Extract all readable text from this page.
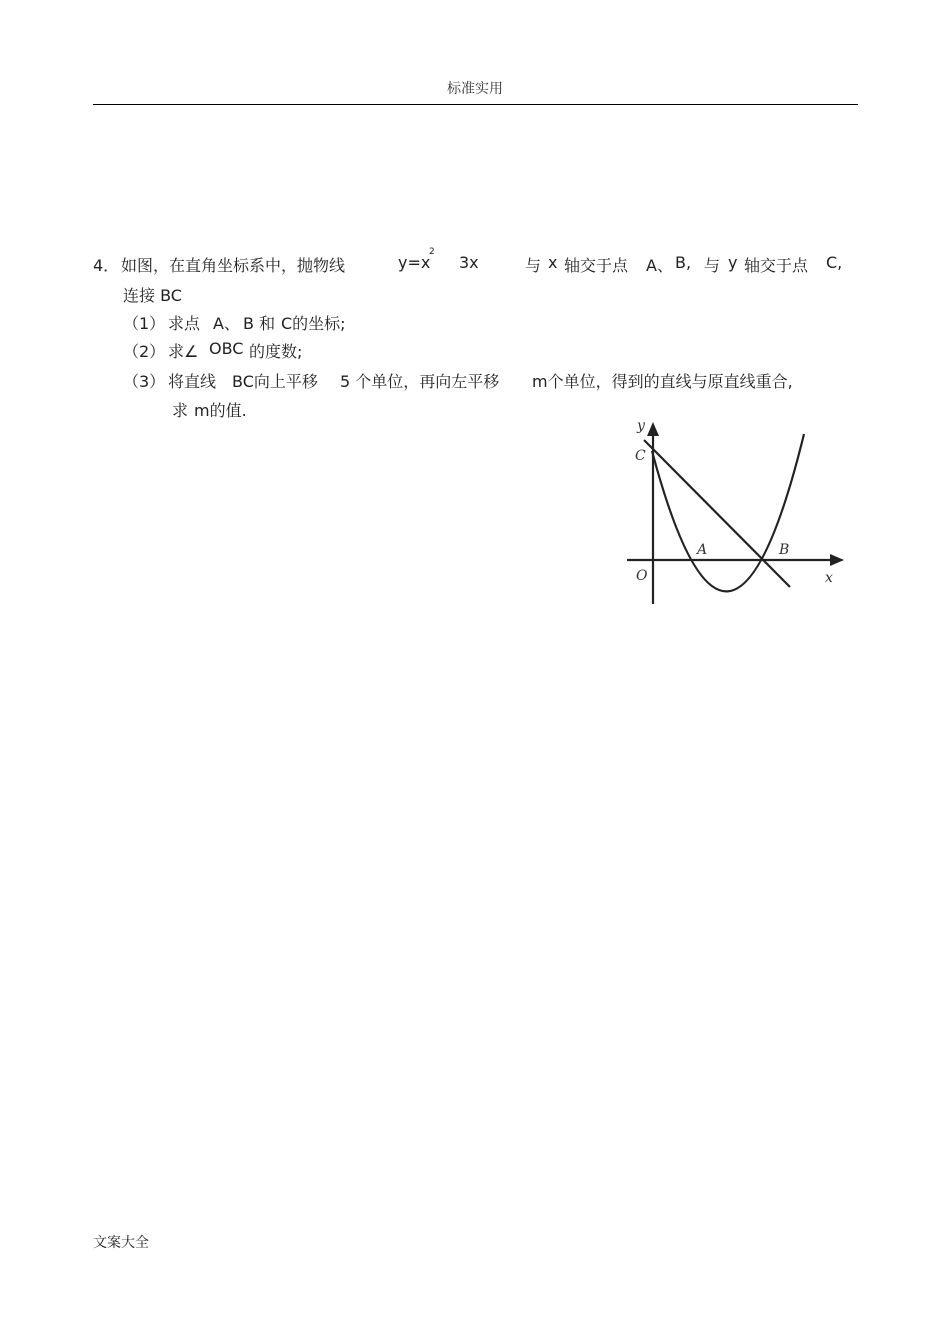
标准实用
4． 如图，在直角坐标系中，抛物线	y=x
2
3x	与 x 轴交于点 A、 B, 与 y 轴交于点 C,
连接 BC
（1） 求点 A、 B 和 C的坐标;
（2） 求∠ OBC 的度数;
（3） 将直线 BC向上平移 5 个单位，再向左平移 m个单位，得到的直线与原直线重合,
求 m的值.
y
x
O
A	B
C
文案大全
